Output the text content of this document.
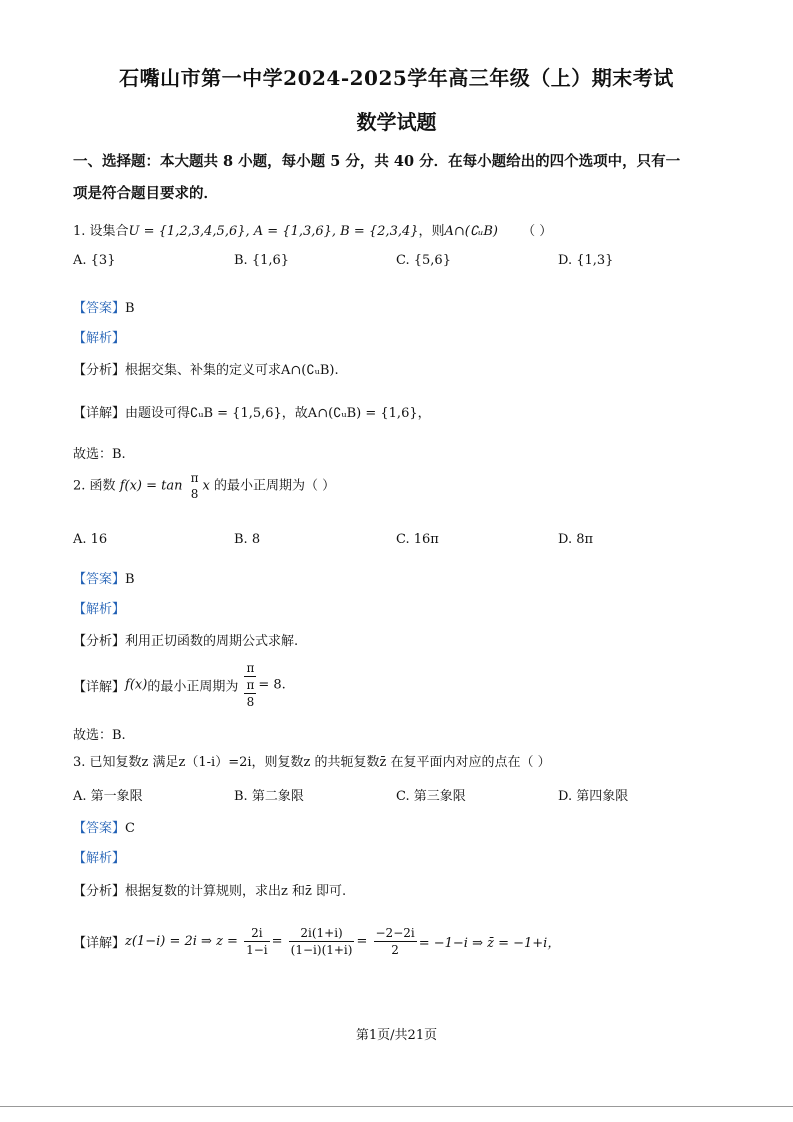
石嘴山市第一中学2024-2025学年高三年级（上）期末考试
数学试题
一、选择题：本大题共 8 小题，每小题 5 分，共 40 分．在每小题给出的四个选项中，只有一
项是符合题目要求的．
1. 设集合U = {1,2,3,4,5,6}, A = {1,3,6}, B = {2,3,4}，则A∩(∁ᵤB) （ ）
A. {3}	B. {1,6}	C. {5,6}	D. {1,3}
【答案】B
【解析】
【分析】根据交集、补集的定义可求A∩(∁ᵤB).
【详解】由题设可得∁ᵤB = {1,5,6}，故A∩(∁ᵤB) = {1,6}，
故选：B.
2. 函数 f(x) = tan
π
8
x 的最小正周期为（ ）
A. 16	B. 8	C. 16π	D. 8π
【答案】B
【解析】
【分析】利用正切函数的周期公式求解.
【详解】f(x)的最小正周期为 π
π
8 = 8.
故选：B.
3. 已知复数z 满足z（1-i）=2i，则复数z 的共轭复数z̄ 在复平面内对应的点在（ ）
A. 第一象限	B. 第二象限	C. 第三象限	D. 第四象限
【答案】C
【解析】
【分析】根据复数的计算规则，求出z 和z̄ 即可.
【详解】z(1−i) = 2i ⇒ $z = \frac{2i}{1-i} = \frac{2i(1+i)}{(1-i)(1+i)} = \frac{-2-2i}{2} = -1-i$ ⇒ z̄ = −1+i，
第1页/共21页
